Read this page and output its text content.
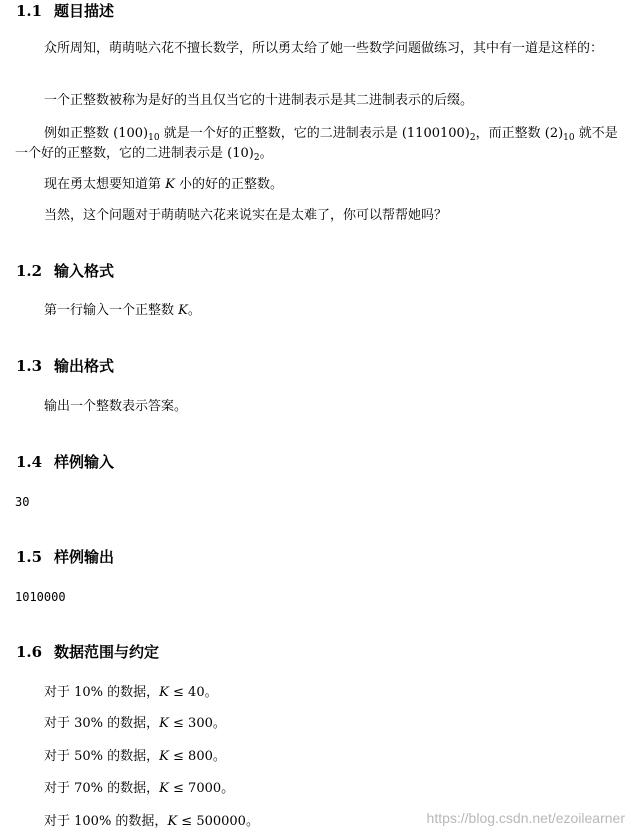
1.1 题目描述

众所周知，萌萌哒六花不擅长数学，所以勇太给了她一些数学问题做练习，其中有一道是这样的：

一个正整数被称为是好的当且仅当它的十进制表示是其二进制表示的后缀。

例如正整数 $(100)_{10}$ 就是一个好的正整数，它的二进制表示是 $(1100100)_2$，而正整数 $(2)_{10}$ 就不是一个好的正整数，它的二进制表示是 $(10)_2$。

现在勇太想要知道第 K 小的好的正整数。

当然，这个问题对于萌萌哒六花来说实在是太难了，你可以帮帮她吗？

1.2 输入格式

第一行输入一个正整数 K。

1.3 输出格式

输出一个整数表示答案。

1.4 样例输入
30
1.5 样例输出
1010000
1.6 数据范围与约定

对于 10% 的数据，K ≤ 40。

对于 30% 的数据，K ≤ 300。

对于 50% 的数据，K ≤ 800。

对于 70% 的数据，K ≤ 7000。

对于 100% 的数据，K ≤ 500000。	https://blog.csdn.net/ezoilearner
